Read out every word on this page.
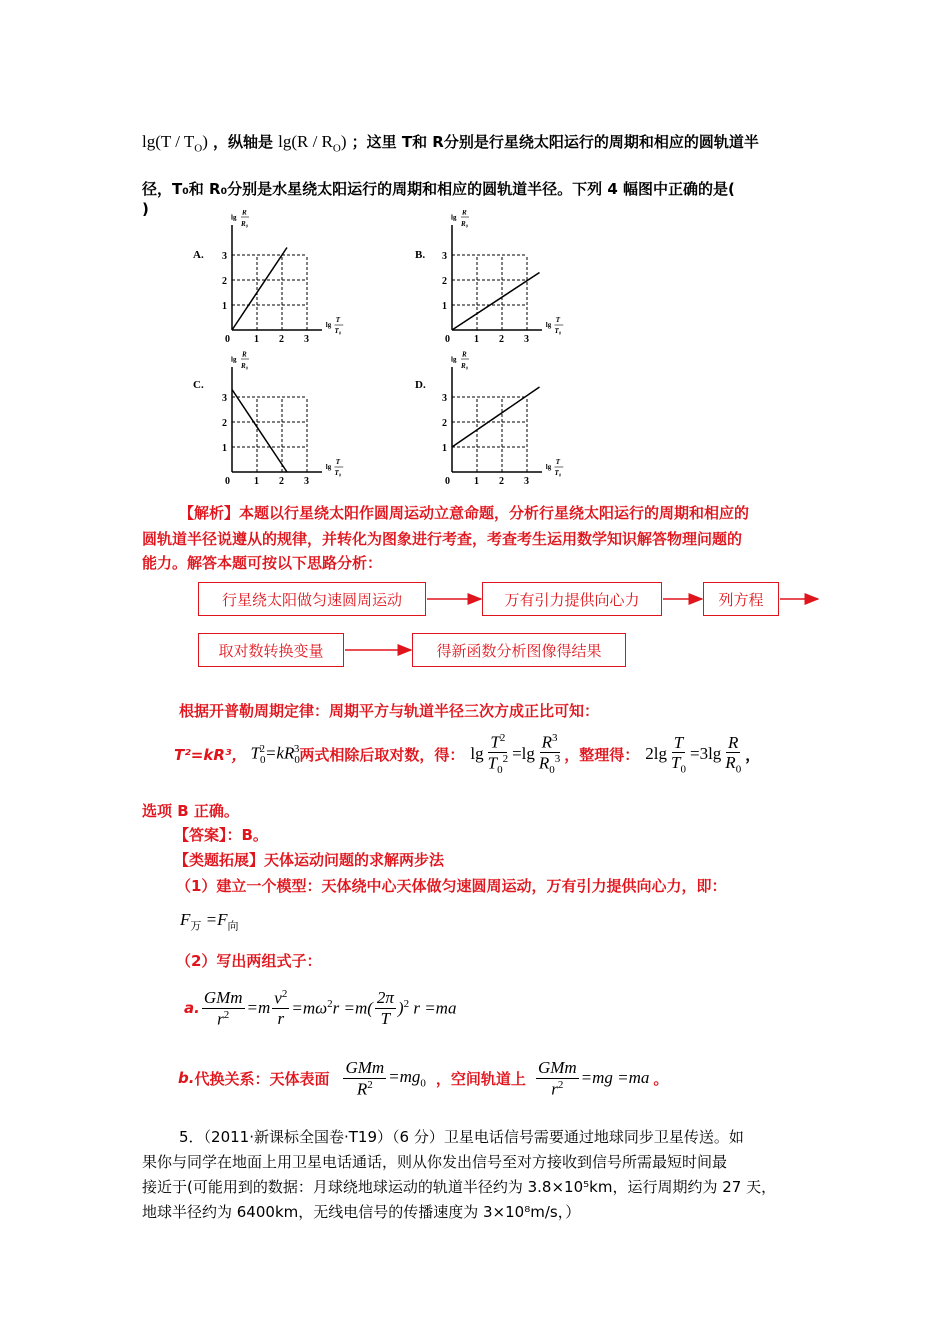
$\lg(T / T_O)$ ，纵轴是 $\lg(R / R_O)$ ；这里 T和 R分别是行星绕太阳运行的周期和相应的圆轨道半
径，T₀和 R₀分别是水星绕太阳运行的周期和相应的圆轨道半径。下列 4 幅图中正确的是(
)
A.
1
1
2
2
3
3
0
lg
R
R₀
lg
T
T₀
B.
1
1
2
2
3
3
0
lg
R
R₀
lg
T
T₀
C.
1
1
2
2
3
3
0
lg
R
R₀
lg
T
T₀
D.
1
1
2
2
3
3
0
lg
R
R₀
lg
T
T₀
【解析】本题以行星绕太阳作圆周运动立意命题，分析行星绕太阳运行的周期和相应的
圆轨道半径说遵从的规律，并转化为图象进行考查，考查考生运用数学知识解答物理问题的
能力。解答本题可按以下思路分析：
行星绕太阳做匀速圆周运动	万有引力提供向心力	列方程
取对数转换变量	得新函数分析图像得结果
根据开普勒周期定律：周期平方与轨道半径三次方成正比可知：
T²=kR³， $T_0^2 =kR_0^3$ 两式相除后取对数，得： $\lg \frac{T^2}{T_0^2} =\lg \frac{R^3}{R_0^3}$ ，整理得： $2\lg \frac{T}{T_0} =3\lg \frac{R}{R_0}$ ，
选项 B 正确。
【答案】：B。
【类题拓展】天体运动问题的求解两步法
（1）建立一个模型：天体绕中心天体做匀速圆周运动，万有引力提供向心力，即：
$F_万 =F_向$
（2）写出两组式子：
a. $\frac{\text{GMm}}{r^2} =m \frac{v^2}{r} =m\omega^2r =m( \frac{2\pi}{T} )^2$ r =ma
b. 代换关系：天体表面 $\frac{\text{GMm}}{R^2} =mg_0$ ，空间轨道上 $\frac{\text{GMm}}{r^2} =mg =ma$ 。
5．（2011·新课标全国卷·T19）（6 分）卫星电话信号需要通过地球同步卫星传送。如
果你与同学在地面上用卫星电话通话，则从你发出信号至对方接收到信号所需最短时间最
接近于(可能用到的数据：月球绕地球运动的轨道半径约为 3.8×10⁵km，运行周期约为 27 天，
地球半径约为 6400km，无线电信号的传播速度为 3×10⁸m/s，）
